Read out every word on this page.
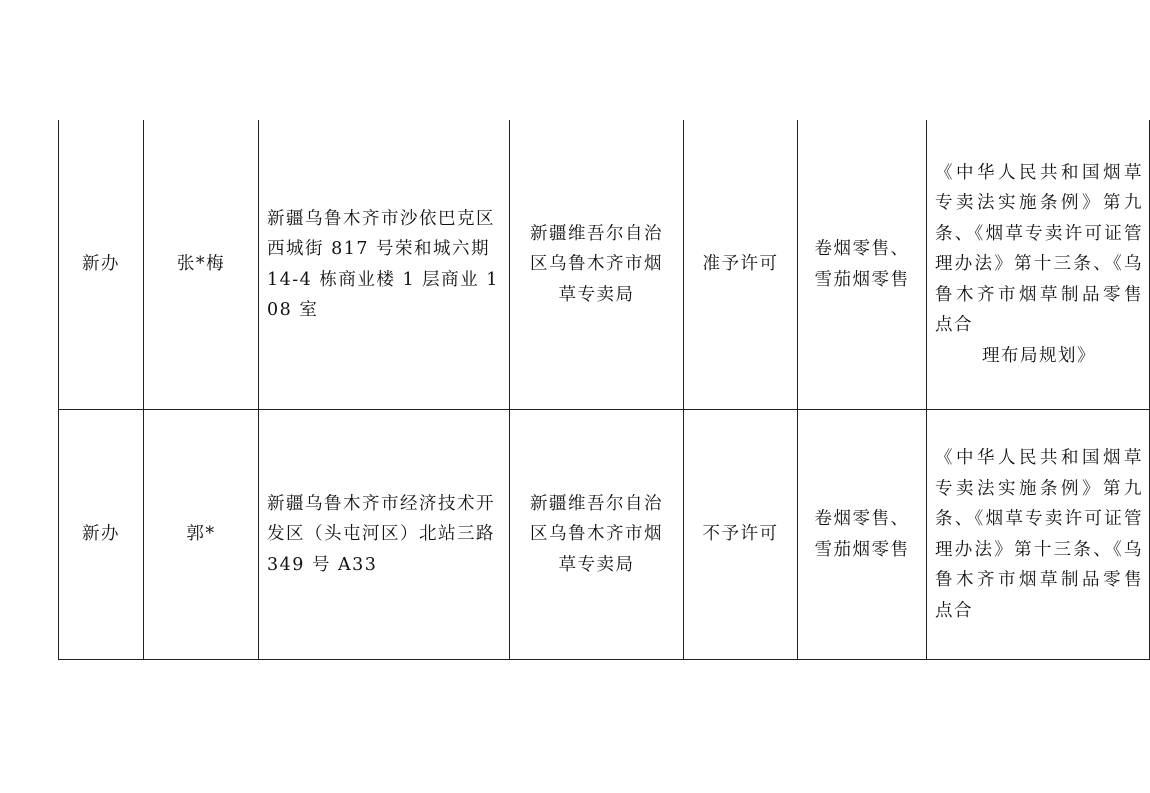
新办	张*梅	新疆乌鲁木齐市沙依巴克区西城街 817 号荣和城六期 14-4 栋商业楼 1 层商业 108 室	新疆维吾尔自治区乌鲁木齐市烟草专卖局	准予许可	卷烟零售、雪茄烟零售	《中华人民共和国烟草专卖法实施条例》第九条、《烟草专卖许可证管理办法》第十三条、《乌鲁木齐市烟草制品零售点合
理布局规划》

新办	郭*	新疆乌鲁木齐市经济技术开发区（头屯河区）北站三路 349 号 A33	新疆维吾尔自治区乌鲁木齐市烟草专卖局	不予许可	卷烟零售、雪茄烟零售	《中华人民共和国烟草专卖法实施条例》第九条、《烟草专卖许可证管理办法》第十三条、《乌鲁木齐市烟草制品零售点合
